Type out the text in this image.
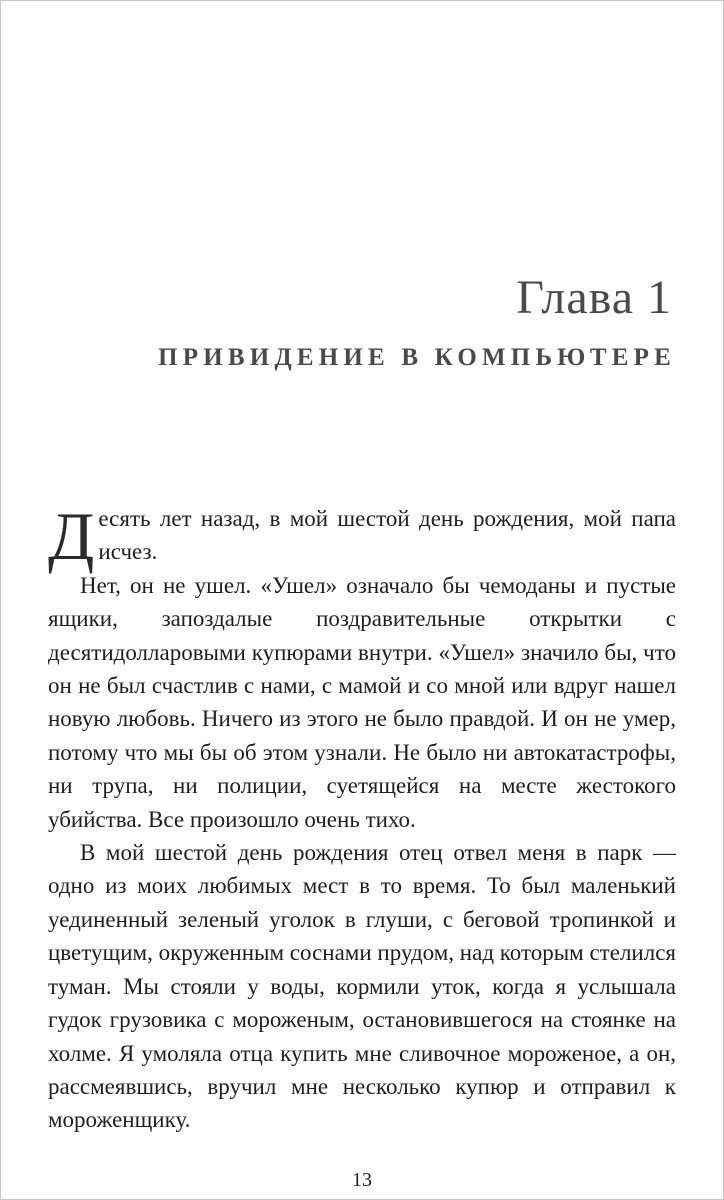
Глава 1
ПРИВИДЕНИЕ В КОМПЬЮТЕРЕ

Десять лет назад, в мой шестой день рождения, мой папа исчез.

Нет, он не ушел. «Ушел» означало бы чемоданы и пустые ящики, запоздалые поздравительные открытки с десятидолларовыми купюрами внутри. «Ушел» значило бы, что он не был счастлив с нами, с мамой и со мной или вдруг нашел новую любовь. Ничего из этого не было правдой. И он не умер, потому что мы бы об этом узнали. Не было ни автокатастрофы, ни трупа, ни полиции, суетящейся на месте жестокого убийства. Все произошло очень тихо.

В мой шестой день рождения отец отвел меня в парк — одно из моих любимых мест в то время. То был маленький уединенный зеленый уголок в глуши, с беговой тропинкой и цветущим, окруженным соснами прудом, над которым стелился туман. Мы стояли у воды, кормили уток, когда я услышала гудок грузовика с мороженым, остановившегося на стоянке на холме. Я умоляла отца купить мне сливочное мороженое, а он, рассмеявшись, вручил мне несколько купюр и отправил к мороженщику.

13
